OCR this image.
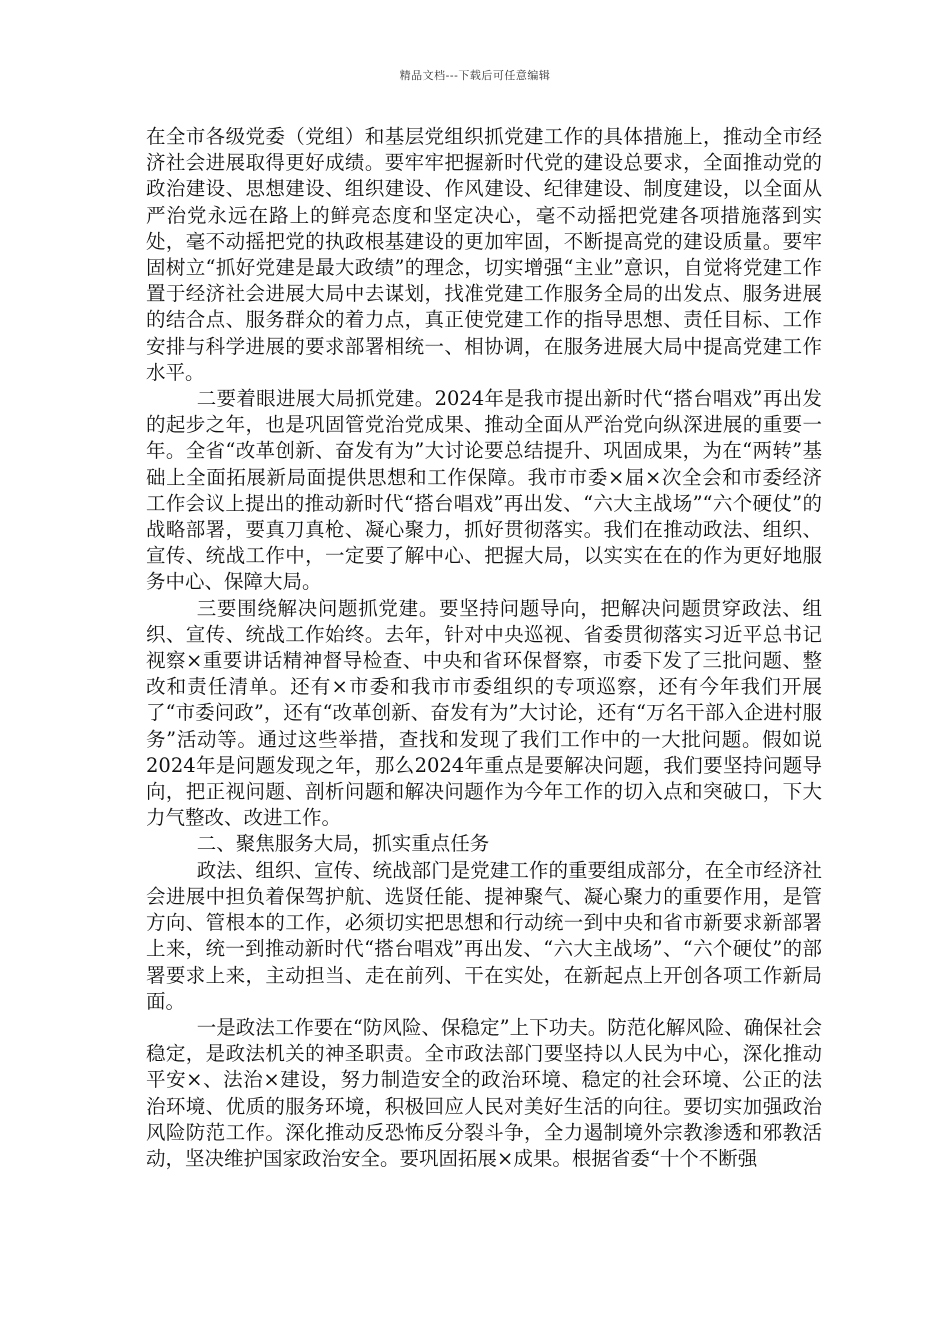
精品文档---下载后可任意编辑

在全市各级党委（党组）和基层党组织抓党建工作的具体措施上，推动全市经济社会进展取得更好成绩。要牢牢把握新时代党的建设总要求，全面推动党的政治建设、思想建设、组织建设、作风建设、纪律建设、制度建设，以全面从严治党永远在路上的鲜亮态度和坚定决心，毫不动摇把党建各项措施落到实处，毫不动摇把党的执政根基建设的更加牢固，不断提高党的建设质量。要牢固树立“抓好党建是最大政绩”的理念，切实增强“主业”意识，自觉将党建工作置于经济社会进展大局中去谋划，找准党建工作服务全局的出发点、服务进展的结合点、服务群众的着力点，真正使党建工作的指导思想、责任目标、工作安排与科学进展的要求部署相统一、相协调，在服务进展大局中提高党建工作水平。

二要着眼进展大局抓党建。2024年是我市提出新时代“搭台唱戏”再出发的起步之年，也是巩固管党治党成果、推动全面从严治党向纵深进展的重要一年。全省“改革创新、奋发有为”大讨论要总结提升、巩固成果，为在“两转”基础上全面拓展新局面提供思想和工作保障。我市市委×届×次全会和市委经济工作会议上提出的推动新时代“搭台唱戏”再出发、“六大主战场”“六个硬仗”的战略部署，要真刀真枪、凝心聚力，抓好贯彻落实。我们在推动政法、组织、宣传、统战工作中，一定要了解中心、把握大局，以实实在在的作为更好地服务中心、保障大局。

三要围绕解决问题抓党建。要坚持问题导向，把解决问题贯穿政法、组织、宣传、统战工作始终。去年，针对中央巡视、省委贯彻落实习近平总书记视察×重要讲话精神督导检查、中央和省环保督察，市委下发了三批问题、整改和责任清单。还有×市委和我市市委组织的专项巡察，还有今年我们开展了“市委问政”，还有“改革创新、奋发有为”大讨论，还有“万名干部入企进村服务”活动等。通过这些举措，查找和发现了我们工作中的一大批问题。假如说2024年是问题发现之年，那么2024年重点是要解决问题，我们要坚持问题导向，把正视问题、剖析问题和解决问题作为今年工作的切入点和突破口，下大力气整改、改进工作。

二、聚焦服务大局，抓实重点任务

政法、组织、宣传、统战部门是党建工作的重要组成部分，在全市经济社会进展中担负着保驾护航、选贤任能、提神聚气、凝心聚力的重要作用，是管方向、管根本的工作，必须切实把思想和行动统一到中央和省市新要求新部署上来，统一到推动新时代“搭台唱戏”再出发、“六大主战场”、“六个硬仗”的部署要求上来，主动担当、走在前列、干在实处，在新起点上开创各项工作新局面。

一是政法工作要在“防风险、保稳定”上下功夫。防范化解风险、确保社会稳定，是政法机关的神圣职责。全市政法部门要坚持以人民为中心，深化推动平安×、法治×建设，努力制造安全的政治环境、稳定的社会环境、公正的法治环境、优质的服务环境，积极回应人民对美好生活的向往。要切实加强政治风险防范工作。深化推动反恐怖反分裂斗争，全力遏制境外宗教渗透和邪教活动，坚决维护国家政治安全。要巩固拓展×成果。根据省委“十个不断强
